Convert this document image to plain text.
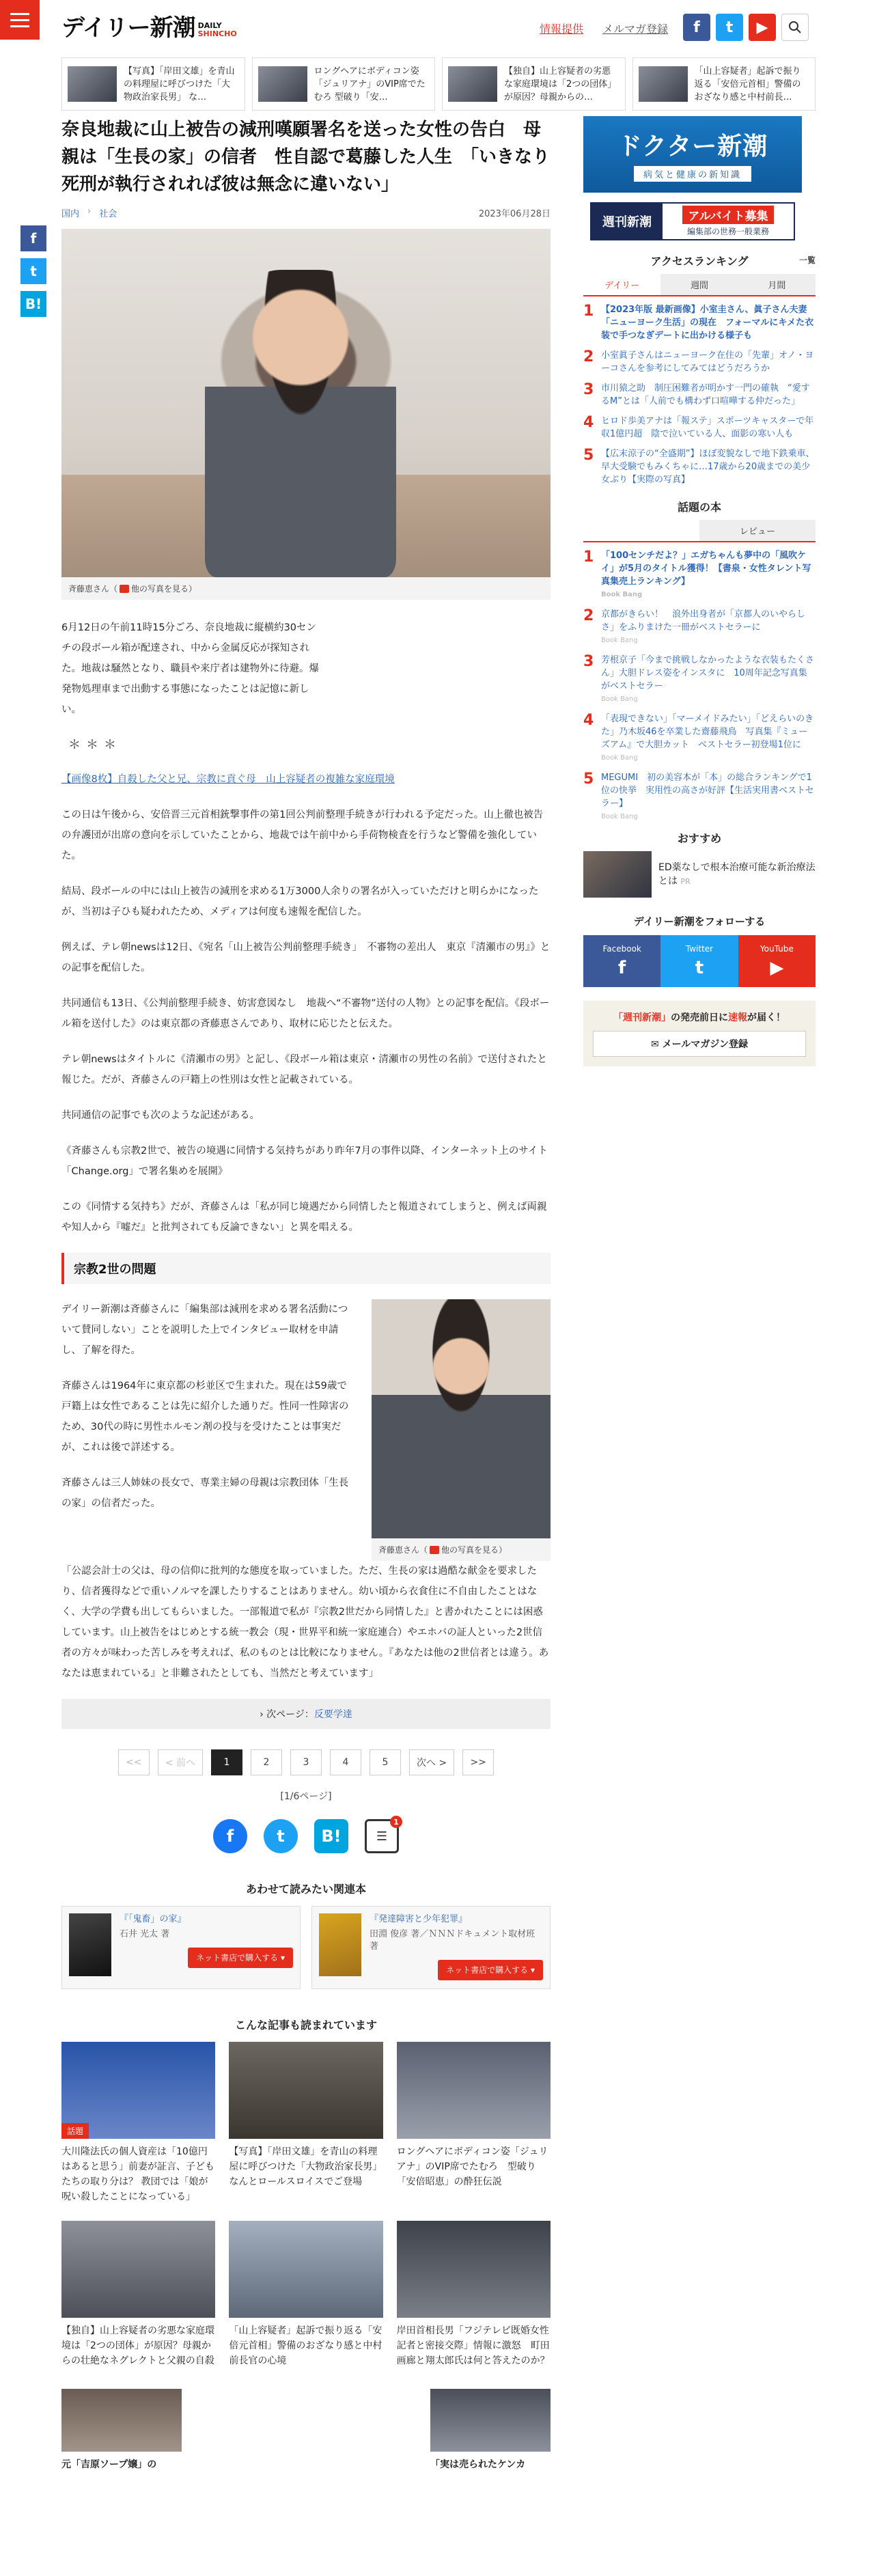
デイリー新潮 DAILY
SHINCHO	情報提供 メルマガ登録	f	t	▶

【写真】「岸田文雄」を青山の料理屋に呼びつけた「大物政治家長男」 な…

ロングヘアにボディコン姿「ジュリアナ」のVIP席でたむろ 型破り「安…

【独自】山上容疑者の劣悪な家庭環境は「2つの団体」が原因？母親からの…

「山上容疑者」起訴で振り返る「安倍元首相」警備のおざなり感と中村前長…

f
t
B!
奈良地裁に山上被告の減刑嘆願署名を送った女性の告白　母親は「生長の家」の信者　性自認で葛藤した人生　「いきなり死刑が執行されれば彼は無念に違いない」
国内 › 社会	2023年06月28日
斉藤恵さん（ 他の写真を見る）

6月12日の午前11時15分ごろ、奈良地裁に縦横約30センチの段ボール箱が配達され、中から金属反応が探知された。地裁は騒然となり、職員や来庁者は建物外に待避。爆発物処理車まで出動する事態になったことは記憶に新しい。

＊＊＊

【画像8枚】自殺した父と兄、宗教に貢ぐ母　山上容疑者の複雑な家庭環境

この日は午後から、安倍晋三元首相銃撃事件の第1回公判前整理手続きが行われる予定だった。山上徹也被告の弁護団が出席の意向を示していたことから、地裁では午前中から手荷物検査を行うなど警備を強化していた。

結局、段ボールの中には山上被告の減刑を求める1万3000人余りの署名が入っていただけと明らかになったが、当初は子ひも疑われたため、メディアは何度も速報を配信した。

例えば、テレ朝newsは12日、《宛名「山上被告公判前整理手続き」　不審物の差出人　東京『清瀬市の男』》との記事を配信した。

共同通信も13日、《公判前整理手続き、妨害意図なし　地裁へ“不審物”送付の人物》との記事を配信。《段ボール箱を送付した》のは東京都の斉藤恵さんであり、取材に応じたと伝えた。

テレ朝newsはタイトルに《清瀬市の男》と記し、《段ボール箱は東京・清瀬市の男性の名前》で送付されたと報じた。だが、斉藤さんの戸籍上の性別は女性と記載されている。

共同通信の記事でも次のような記述がある。

《斉藤さんも宗教2世で、被告の境遇に同情する気持ちがあり昨年7月の事件以降、インターネット上のサイト「Change.org」で署名集めを展開》

この《同情する気持ち》だが、斉藤さんは「私が同じ境遇だから同情したと報道されてしまうと、例えば両親や知人から『嘘だ』と批判されても反論できない」と異を唱える。

宗教2世の問題
斉藤恵さん（ 他の写真を見る）

デイリー新潮は斉藤さんに「編集部は減刑を求める署名活動について賛同しない」ことを説明した上でインタビュー取材を申請し、了解を得た。

斉藤さんは1964年に東京都の杉並区で生まれた。現在は59歳で戸籍上は女性であることは先に紹介した通りだ。性同一性障害のため、30代の時に男性ホルモン剤の投与を受けたことは事実だが、これは後で詳述する。

斉藤さんは三人姉妹の長女で、専業主婦の母親は宗教団体「生長の家」の信者だった。

「公認会計士の父は、母の信仰に批判的な態度を取っていました。ただ、生長の家は過酷な献金を要求したり、信者獲得などで重いノルマを課したりすることはありません。幼い頃から衣食住に不自由したことはなく、大学の学費も出してもらいました。一部報道で私が『宗教2世だから同情した』と書かれたことには困惑しています。山上被告をはじめとする統一教会（現・世界平和統一家庭連合）やエホバの証人といった2世信者の方々が味わった苦しみを考えれば、私のものとは比較になりません。『あなたは他の2世信者とは違う。あなたは恵まれている』と非難されたとしても、当然だと考えています」

› 次ページ：反要学達
<<	< 前へ	1	2	3	4	5	次へ >	>>
[1/6ページ]
f	t	B!	☰
1
あわせて読みたい関連本
『「鬼畜」の家』
石井 光太 著
ネット書店で購入する ▾
『発達障害と少年犯罪』
田淵 俊彦 著／ＮＮＮドキュメント取材班 著
ネット書店で購入する ▾
こんな記事も読まれています
話題

大川隆法氏の個人資産は「10億円はあると思う」前妻が証言、子どもたちの取り分は？ 教団では「娘が呪い殺したことになっている」

【写真】「岸田文雄」を青山の料理屋に呼びつけた「大物政治家長男」　なんとロールスロイスでご登場

ロングヘアにボディコン姿「ジュリアナ」のVIP席でたむろ　型破り「安倍昭恵」の酔狂伝説

【独自】山上容疑者の劣悪な家庭環境は「2つの団体」が原因？母親からの壮絶なネグレクトと父親の自殺

「山上容疑者」起訴で振り返る「安倍元首相」警備のおざなり感と中村前長官の心境

岸田首相長男「フジテレビ既婚女性記者と密接交際」情報に激怒　町田画廊と翔太郎氏は何と答えたのか？

元「吉原ソープ嬢」の	「実は売られたケンカ

ドクター新潮
病気と健康の新知識
週刊新潮	アルバイト募集
編集部の世務一般業務
アクセスランキング	一覧
デイリー	週間	月間
1 【2023年版 最新画像】小室圭さん、眞子さん夫妻「ニューヨーク生活」の現在　フォーマルにキメた衣装で手つなぎデートに出かける様子も
2 小室眞子さんはニューヨーク在住の「先輩」オノ・ヨーコさんを参考にしてみてはどうだろうか
3 市川猿之助　制圧困難者が明かす一門の確執　“愛するM”とは「人前でも構わず口喧嘩する仲だった」
4 ヒロド歩美アナは「報ステ」スポーツキャスターで年収1億円超　陰で泣いている人、面影の寒い人も
5 【広末涼子の“全盛期”】ほぼ変貌なしで地下鉄乗車、早大受験でもみくちゃに…17歳から20歳までの美少女ぶり【実際の写真】
話題の本
レビュー
1 「100センチだよ？」エガちゃんも夢中の「風吹ケイ」が5月のタイトル獲得！【書泉・女性タレント写真集売上ランキング】
Book Bang
2 京都がきらい！　浪外出身者が「京都人のいやらしさ」をふりまけた一冊がベストセラーに
Book Bang
3 芳根京子「今まで挑戦しなかったような衣装もたくさん」大胆ドレス姿をインスタに　10周年記念写真集がベストセラー
Book Bang
4 「表現できない」「マーメイドみたい」「どえらいのきた」乃木坂46を卒業した齋藤飛鳥　写真集『ミューズアム』で大胆カット　ベストセラー初登場1位に
Book Bang
5 MEGUMI　初の美容本が「本」の総合ランキングで1位の快挙　実用性の高さが好評【生活実用書ベストセラー】
Book Bang
おすすめ

ED薬なしで根本治療可能な新治療法とは PR

デイリー新潮をフォローする
Facebook
f
Twitter
t
YouTube
▶

「週刊新潮」の発売前日に速報が届く！

✉ メールマガジン登録
